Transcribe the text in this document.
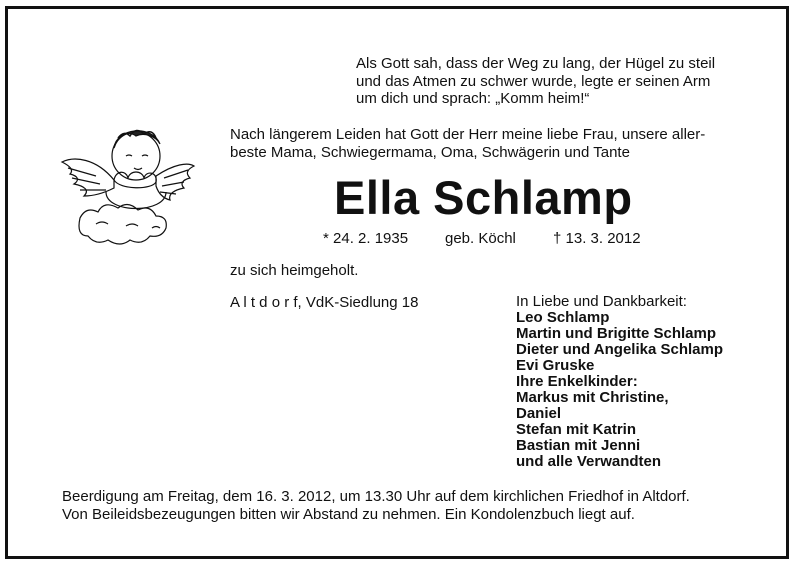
Als Gott sah, dass der Weg zu lang, der Hügel zu steil
und das Atmen zu schwer wurde, legte er seinen Arm
um dich und sprach: „Komm heim!“
Nach längerem Leiden hat Gott der Herr meine liebe Frau, unsere aller-
beste Mama, Schwiegermama, Oma, Schwägerin und Tante
Ella Schlamp
* 24. 2. 1935 geb. Köchl † 13. 3. 2012
zu sich heimgeholt.
A l t d o r f, VdK-Siedlung 18	In Liebe und Dankbarkeit:
Leo Schlamp
Martin und Brigitte Schlamp
Dieter und Angelika Schlamp
Evi Gruske
Ihre Enkelkinder:
Markus mit Christine,
Daniel
Stefan mit Katrin
Bastian mit Jenni
und alle Verwandten
Beerdigung am Freitag, dem 16. 3. 2012, um 13.30 Uhr auf dem kirchlichen Friedhof in Altdorf.
Von Beileidsbezeugungen bitten wir Abstand zu nehmen. Ein Kondolenzbuch liegt auf.
